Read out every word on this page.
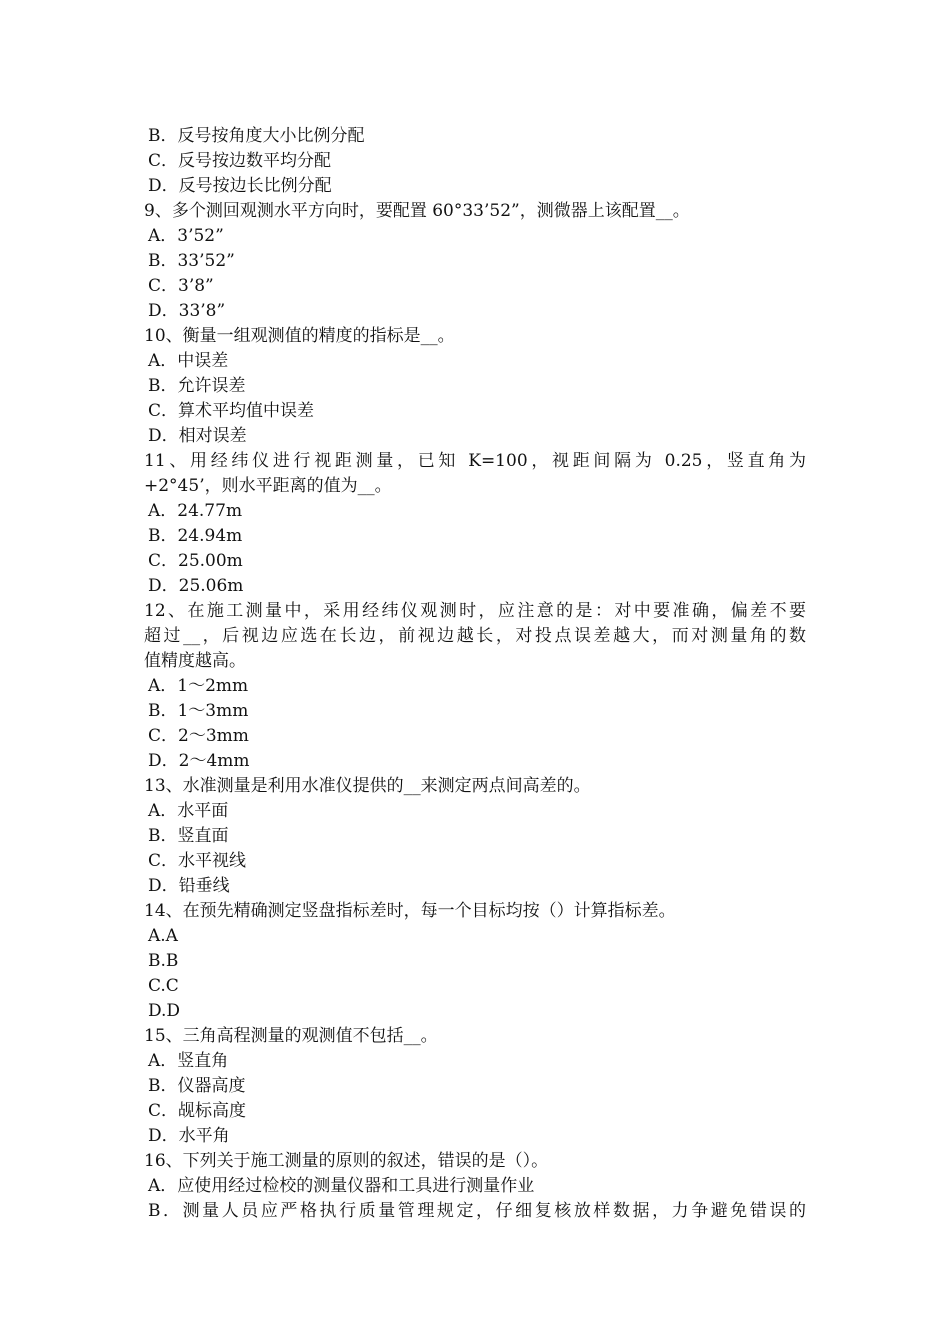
B．反号按角度大小比例分配
C．反号按边数平均分配
D．反号按边长比例分配
9、多个测回观测水平方向时，要配置 60°33’52”，测微器上该配置__。
A．3’52”
B．33’52”
C．3’8”
D．33’8”
10、衡量一组观测值的精度的指标是__。
A．中误差
B．允许误差
C．算术平均值中误差
D．相对误差
11、用经纬仪进行视距测量，已知 K=100，视距间隔为 0.25，竖直角为
+2°45’，则水平距离的值为__。
A．24.77m
B．24.94m
C．25.00m
D．25.06m
12、在施工测量中，采用经纬仪观测时，应注意的是：对中要准确，偏差不要
超过__，后视边应选在长边，前视边越长，对投点误差越大，而对测量角的数
值精度越高。
A．1～2mm
B．1～3mm
C．2～3mm
D．2～4mm
13、水准测量是利用水准仪提供的__来测定两点间高差的。
A．水平面
B．竖直面
C．水平视线
D．铅垂线
14、在预先精确测定竖盘指标差时，每一个目标均按（）计算指标差。
A.A
B.B
C.C
D.D
15、三角高程测量的观测值不包括__。
A．竖直角
B．仪器高度
C．觇标高度
D．水平角
16、下列关于施工测量的原则的叙述，错误的是（）。
A．应使用经过检校的测量仪器和工具进行测量作业
B．测量人员应严格执行质量管理规定，仔细复核放样数据，力争避免错误的
